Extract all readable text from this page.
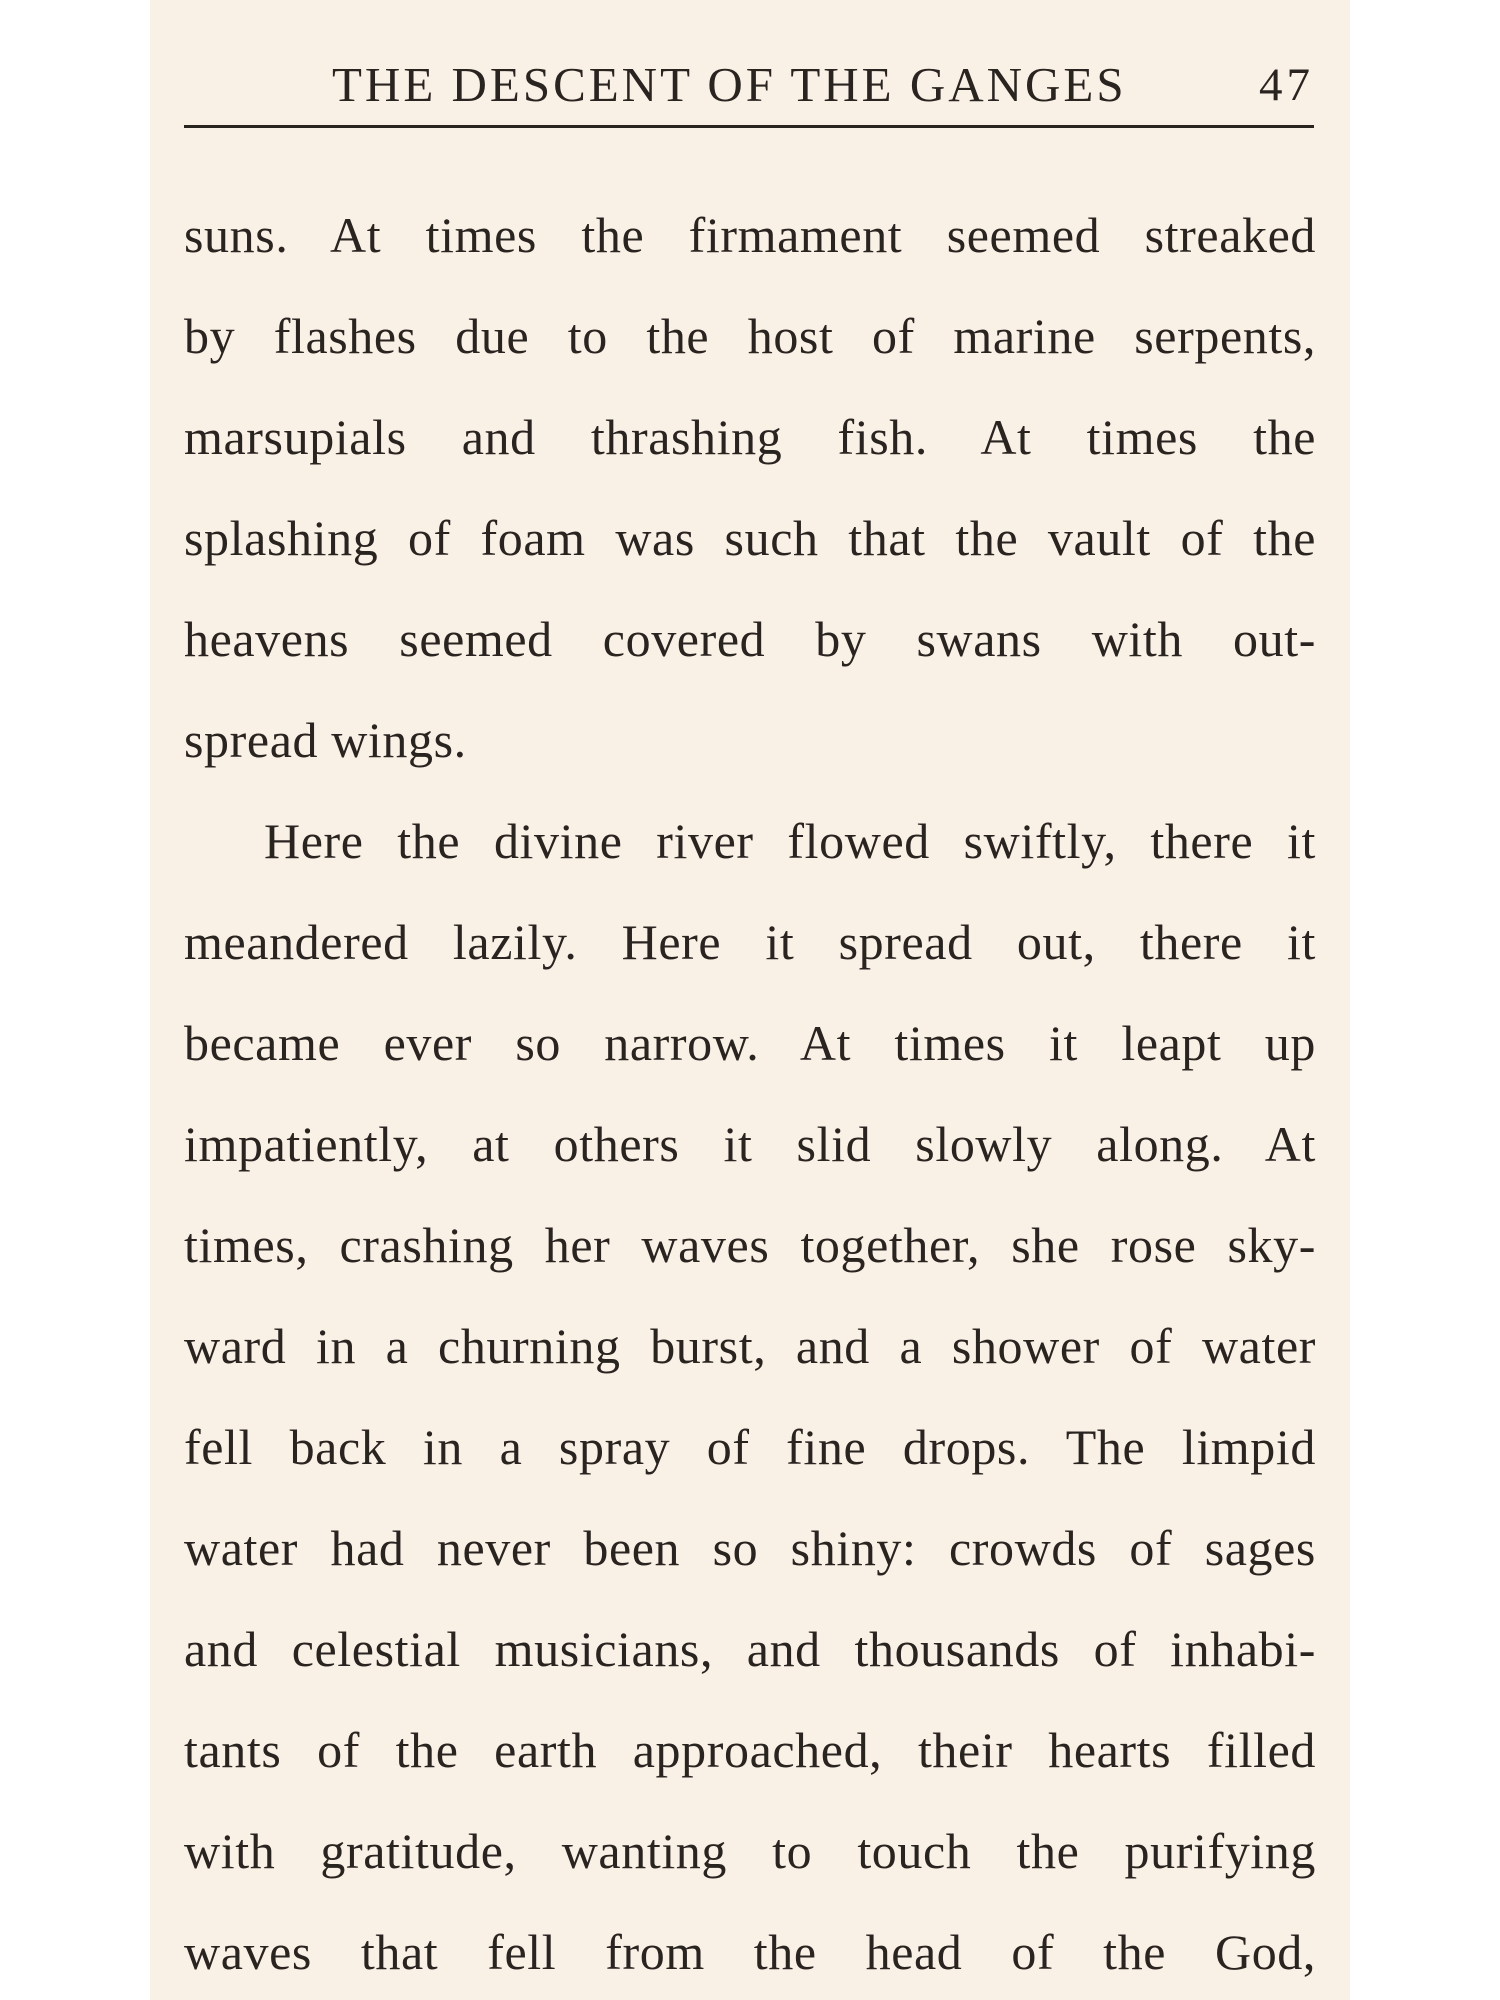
THE DESCENT OF THE GANGES	47
suns. At times the firmament seemed streaked
by flashes due to the host of marine serpents,
marsupials and thrashing fish. At times the
splashing of foam was such that the vault of the
heavens seemed covered by swans with out-
spread wings.
Here the divine river flowed swiftly, there it
meandered lazily. Here it spread out, there it
became ever so narrow. At times it leapt up
impatiently, at others it slid slowly along. At
times, crashing her waves together, she rose sky-
ward in a churning burst, and a shower of water
fell back in a spray of fine drops. The limpid
water had never been so shiny: crowds of sages
and celestial musicians, and thousands of inhabi-
tants of the earth approached, their hearts filled
with gratitude, wanting to touch the purifying
waves that fell from the head of the God,
